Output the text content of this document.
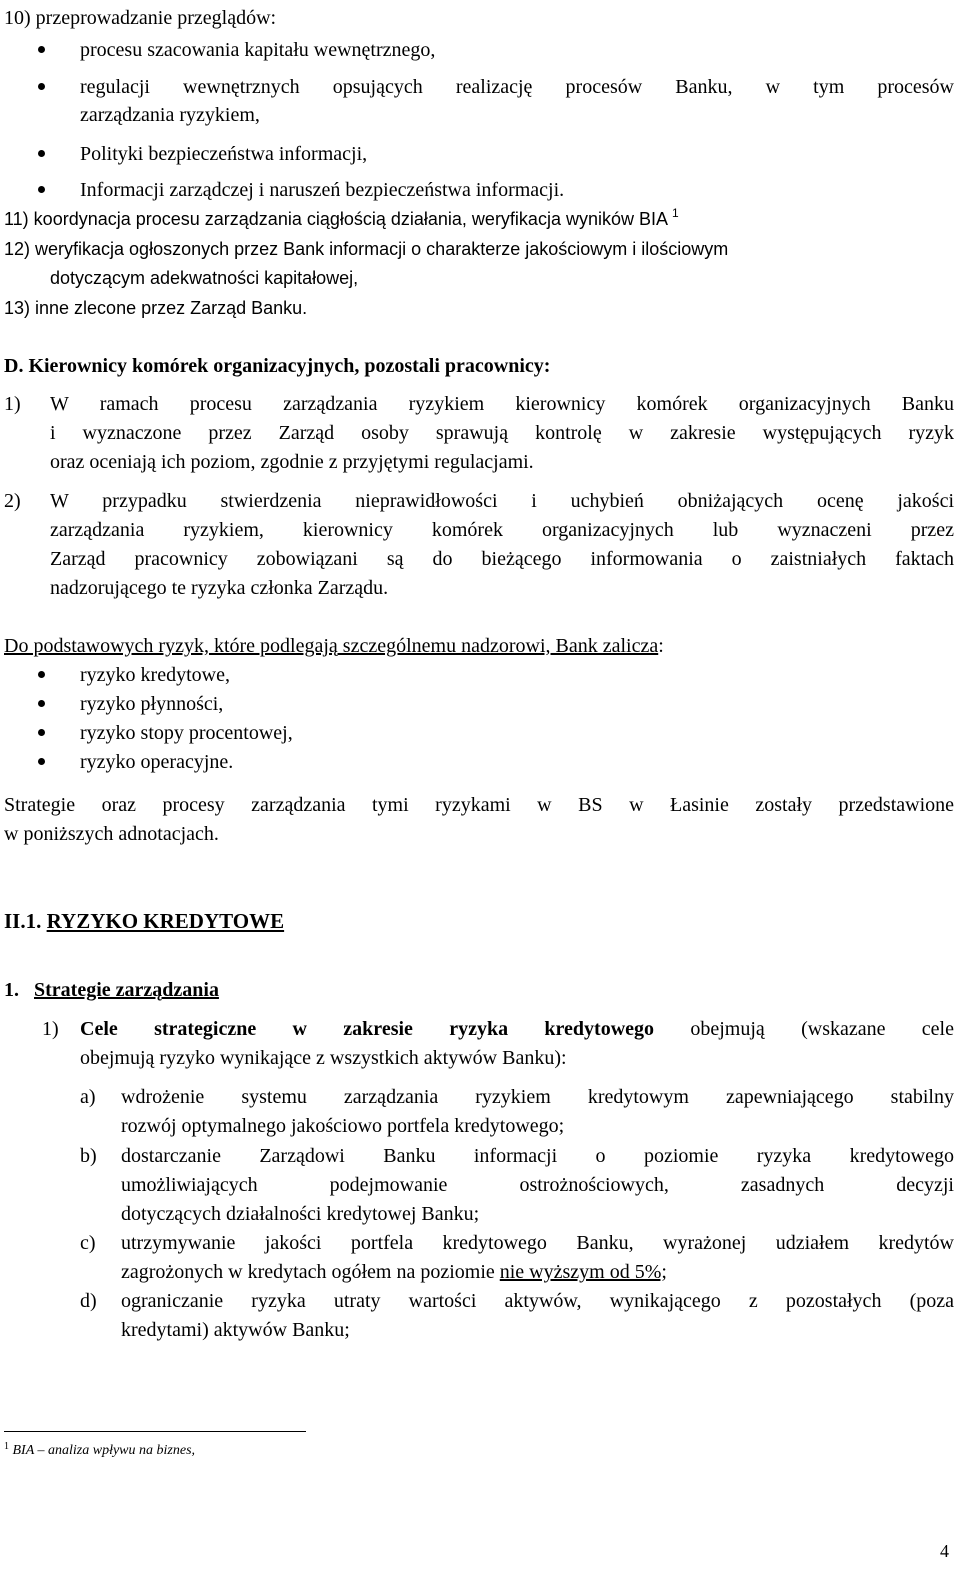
10) przeprowadzanie przeglądów:
procesu szacowania kapitału wewnętrznego,
regulacji wewnętrznych opsujących realizację procesów Banku, w tym procesów
zarządzania ryzykiem,
Polityki bezpieczeństwa informacji,
Informacji zarządczej i naruszeń bezpieczeństwa informacji.
11) koordynacja procesu zarządzania ciągłością działania, weryfikacja wyników BIA $^1$
12) weryfikacja ogłoszonych przez Bank informacji o charakterze jakościowym i ilościowym
dotyczącym adekwatności kapitałowej,
13) inne zlecone przez Zarząd Banku.
D. Kierownicy komórek organizacyjnych, pozostali pracownicy:
1) W ramach procesu zarządzania ryzykiem kierownicy komórek organizacyjnych Banku
i wyznaczone przez Zarząd osoby sprawują kontrolę w zakresie występujących ryzyk
oraz oceniają ich poziom, zgodnie z przyjętymi regulacjami.
2) W przypadku stwierdzenia nieprawidłowości i uchybień obniżających ocenę jakości
zarządzania ryzykiem, kierownicy komórek organizacyjnych lub wyznaczeni przez
Zarząd pracownicy zobowiązani są do bieżącego informowania o zaistniałych faktach
nadzorującego te ryzyka członka Zarządu.
Do podstawowych ryzyk, które podlegają szczególnemu nadzorowi, Bank zalicza:
ryzyko kredytowe,
ryzyko płynności,
ryzyko stopy procentowej,
ryzyko operacyjne.
Strategie oraz procesy zarządzania tymi ryzykami w BS w Łasinie zostały przedstawione
w poniższych adnotacjach.
II.1. RYZYKO KREDYTOWE
1. Strategie zarządzania
1) Cele strategiczne w zakresie ryzyka kredytowego obejmują (wskazane cele
obejmują ryzyko wynikające z wszystkich aktywów Banku):
a) wdrożenie systemu zarządzania ryzykiem kredytowym zapewniającego stabilny
rozwój optymalnego jakościowo portfela kredytowego;
b) dostarczanie Zarządowi Banku informacji o poziomie ryzyka kredytowego
umożliwiających podejmowanie ostrożnościowych, zasadnych decyzji
dotyczących działalności kredytowej Banku;
c) utrzymywanie jakości portfela kredytowego Banku, wyrażonej udziałem kredytów
zagrożonych w kredytach ogółem na poziomie nie wyższym od 5%;
d) ograniczanie ryzyka utraty wartości aktywów, wynikającego z pozostałych (poza
kredytami) aktywów Banku;
$^1$ BIA – analiza wpływu na biznes,
4
